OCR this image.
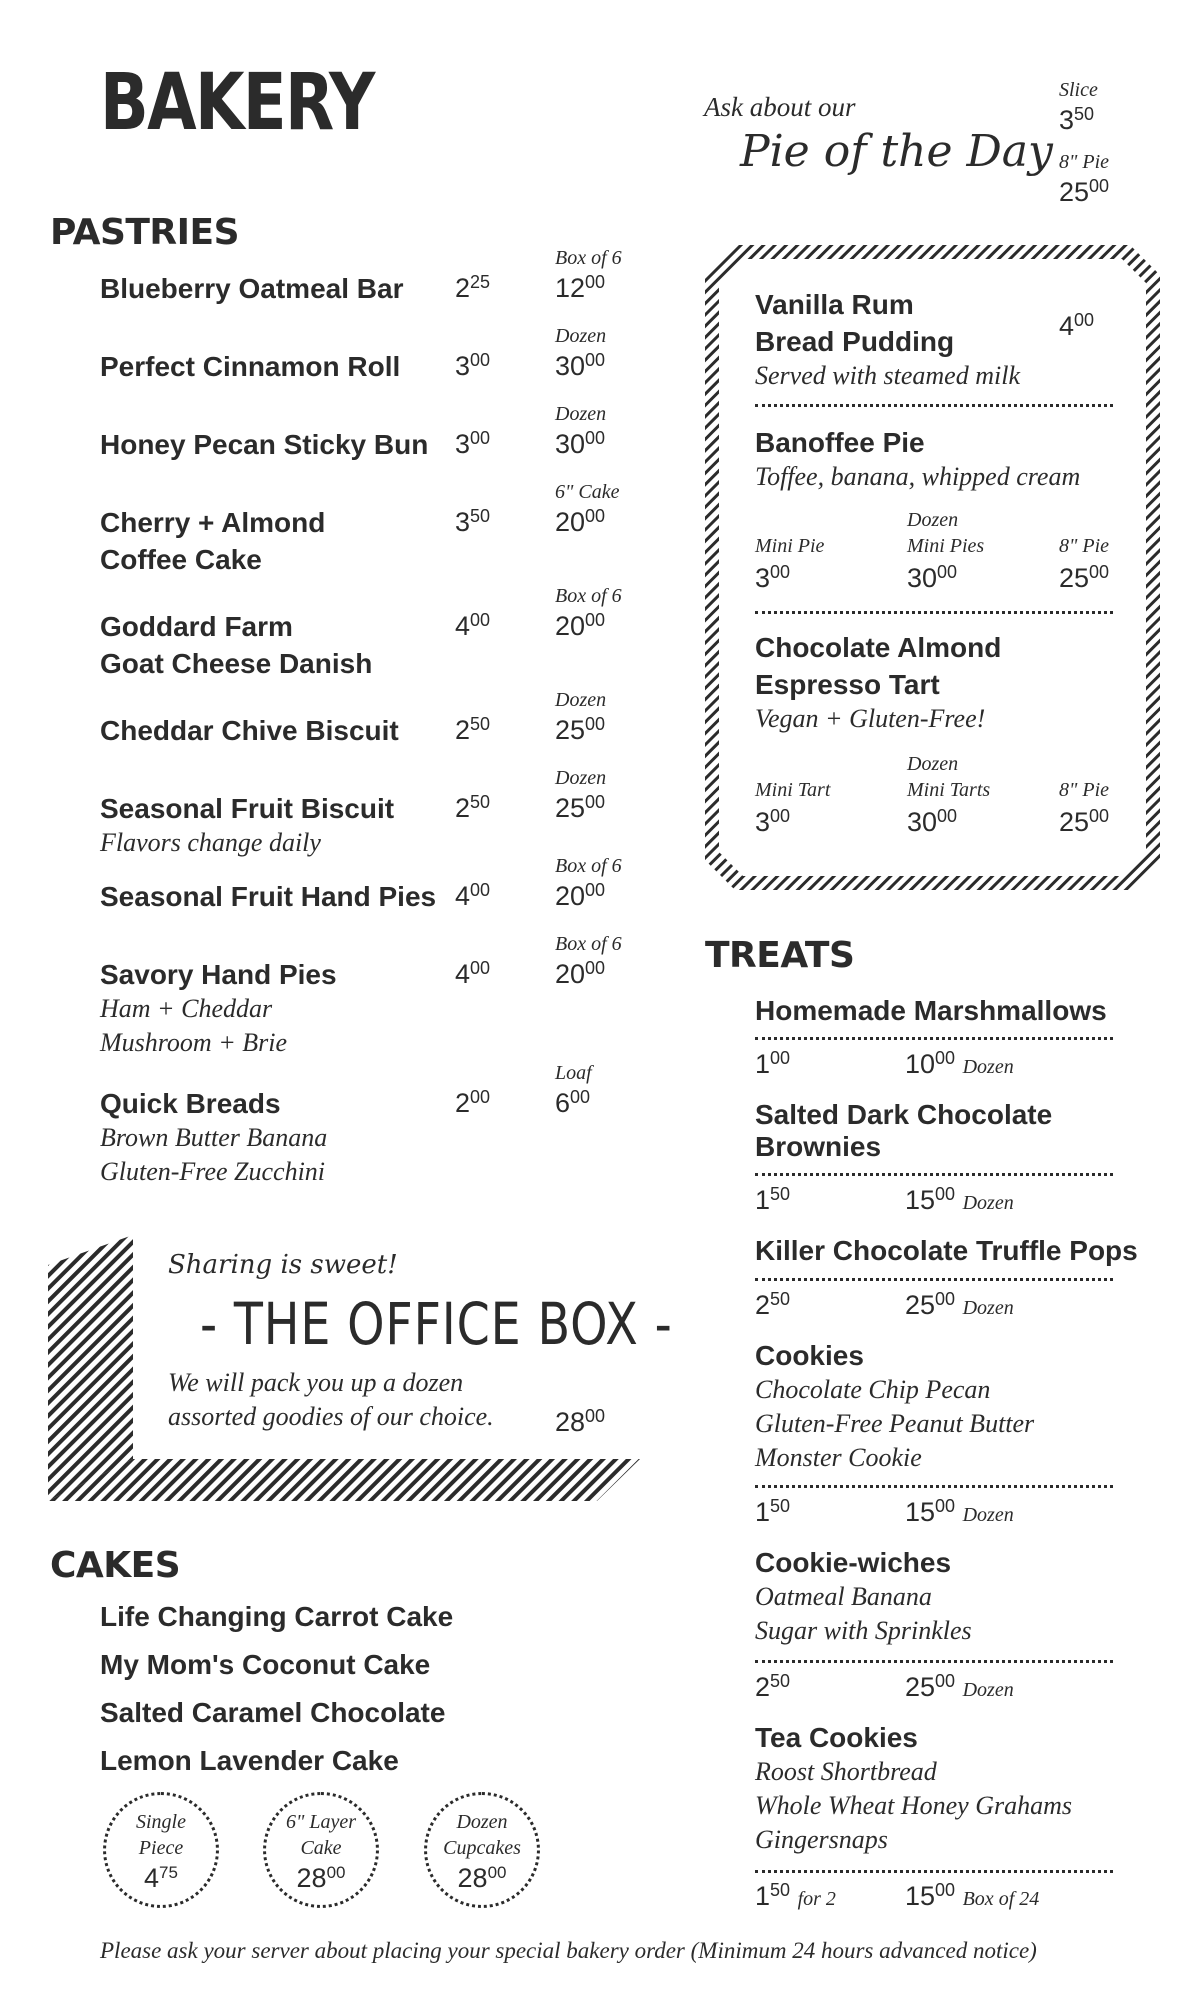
BAKERY	Ask about our
Pie of the Day
Slice
$3^{50}$
8" Pie
$25^{00}$
PASTRIES
Box of 6
Blueberry Oatmeal Bar $2^{25}$ $12^{00}$
Dozen
Perfect Cinnamon Roll $3^{00}$ $30^{00}$
Dozen
Honey Pecan Sticky Bun $3^{00}$ $30^{00}$
6" Cake
Cherry + Almond
Coffee Cake
$3^{50}$ $20^{00}$
Box of 6
Goddard Farm
Goat Cheese Danish
$4^{00}$ $20^{00}$
Dozen
Cheddar Chive Biscuit $2^{50}$ $25^{00}$
Dozen
Seasonal Fruit Biscuit
Flavors change daily
$2^{50}$ $25^{00}$
Box of 6
Seasonal Fruit Hand Pies $4^{00}$ $20^{00}$
Box of 6
Savory Hand Pies
Ham + Cheddar
Mushroom + Brie
$4^{00}$ $20^{00}$
Loaf
Quick Breads
Brown Butter Banana
Gluten-Free Zucchini
$2^{00}$ $6^{00}$
Sharing is sweet!
- THE OFFICE BOX -
We will pack you up a dozen
assorted goodies of our choice. $28^{00}$
CAKES
Life Changing Carrot Cake
My Mom's Coconut Cake
Salted Caramel Chocolate
Lemon Lavender Cake
Single
Piece
$4^{75}$
6" Layer
Cake
$28^{00}$
Dozen
Cupcakes
$28^{00}$
Vanilla Rum
Bread Pudding
Served with steamed milk
$4^{00}$
Banoffee Pie
Toffee, banana, whipped cream
Dozen
Mini Pie	Mini Pies	8" Pie
$3^{00}$	$30^{00}$	$25^{00}$
Chocolate Almond
Espresso Tart
Vegan + Gluten-Free!
Dozen
Mini Tart	Mini Tarts	8" Pie
$3^{00}$	$30^{00}$	$25^{00}$
TREATS
Homemade Marshmallows
$1^{00}$	$10^{00}$ Dozen
Salted Dark Chocolate
Brownies
$1^{50}$	$15^{00}$ Dozen
Killer Chocolate Truffle Pops
$2^{50}$	$25^{00}$ Dozen
Cookies
Chocolate Chip Pecan
Gluten-Free Peanut Butter
Monster Cookie
$1^{50}$	$15^{00}$ Dozen
Cookie-wiches
Oatmeal Banana
Sugar with Sprinkles
$2^{50}$	$25^{00}$ Dozen
Tea Cookies
Roost Shortbread
Whole Wheat Honey Grahams
Gingersnaps
$1^{50}$ for 2	$15^{00}$ Box of 24
Please ask your server about placing your special bakery order (Minimum 24 hours advanced notice)
